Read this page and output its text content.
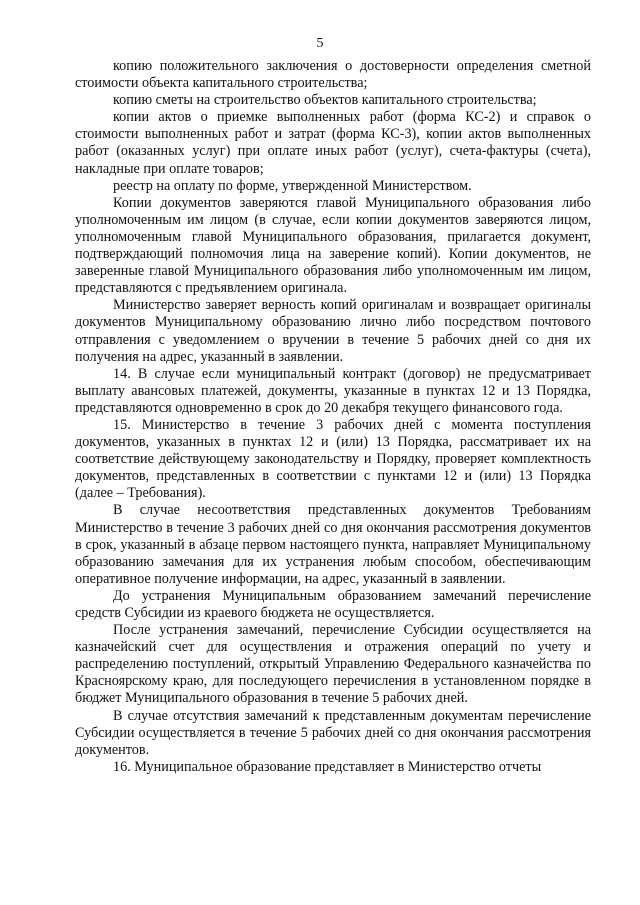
5

копию положительного заключения о достоверности определения сметной стоимости объекта капитального строительства;

копию сметы на строительство объектов капитального строительства;

копии актов о приемке выполненных работ (форма КС-2) и справок о стоимости выполненных работ и затрат (форма КС-3), копии актов выполненных работ (оказанных услуг) при оплате иных работ (услуг), счета-фактуры (счета), накладные при оплате товаров;

реестр на оплату по форме, утвержденной Министерством.

Копии документов заверяются главой Муниципального образования либо уполномоченным им лицом (в случае, если копии документов заверяются лицом, уполномоченным главой Муниципального образования, прилагается документ, подтверждающий полномочия лица на заверение копий). Копии документов, не заверенные главой Муниципального образования либо уполномоченным им лицом, представляются с предъявлением оригинала.

Министерство заверяет верность копий оригиналам и возвращает оригиналы документов Муниципальному образованию лично либо посредством почтового отправления с уведомлением о вручении в течение 5 рабочих дней со дня их получения на адрес, указанный в заявлении.

14. В случае если муниципальный контракт (договор) не предусматривает выплату авансовых платежей, документы, указанные в пунктах 12 и 13 Порядка, представляются одновременно в срок до 20 декабря текущего финансового года.

15. Министерство в течение 3 рабочих дней с момента поступления документов, указанных в пунктах 12 и (или) 13 Порядка, рассматривает их на соответствие действующему законодательству и Порядку, проверяет комплектность документов, представленных в соответствии с пунктами 12 и (или) 13 Порядка (далее – Требования).

В случае несоответствия представленных документов Требованиям Министерство в течение 3 рабочих дней со дня окончания рассмотрения документов в срок, указанный в абзаце первом настоящего пункта, направляет Муниципальному образованию замечания для их устранения любым способом, обеспечивающим оперативное получение информации, на адрес, указанный в заявлении.

До устранения Муниципальным образованием замечаний перечисление средств Субсидии из краевого бюджета не осуществляется.

После устранения замечаний, перечисление Субсидии осуществляется на казначейский счет для осуществления и отражения операций по учету и распределению поступлений, открытый Управлению Федерального казначейства по Красноярскому краю, для последующего перечисления в установленном порядке в бюджет Муниципального образования в течение 5 рабочих дней.

В случае отсутствия замечаний к представленным документам перечисление Субсидии осуществляется в течение 5 рабочих дней со дня окончания рассмотрения документов.

16. Муниципальное образование представляет в Министерство отчеты
